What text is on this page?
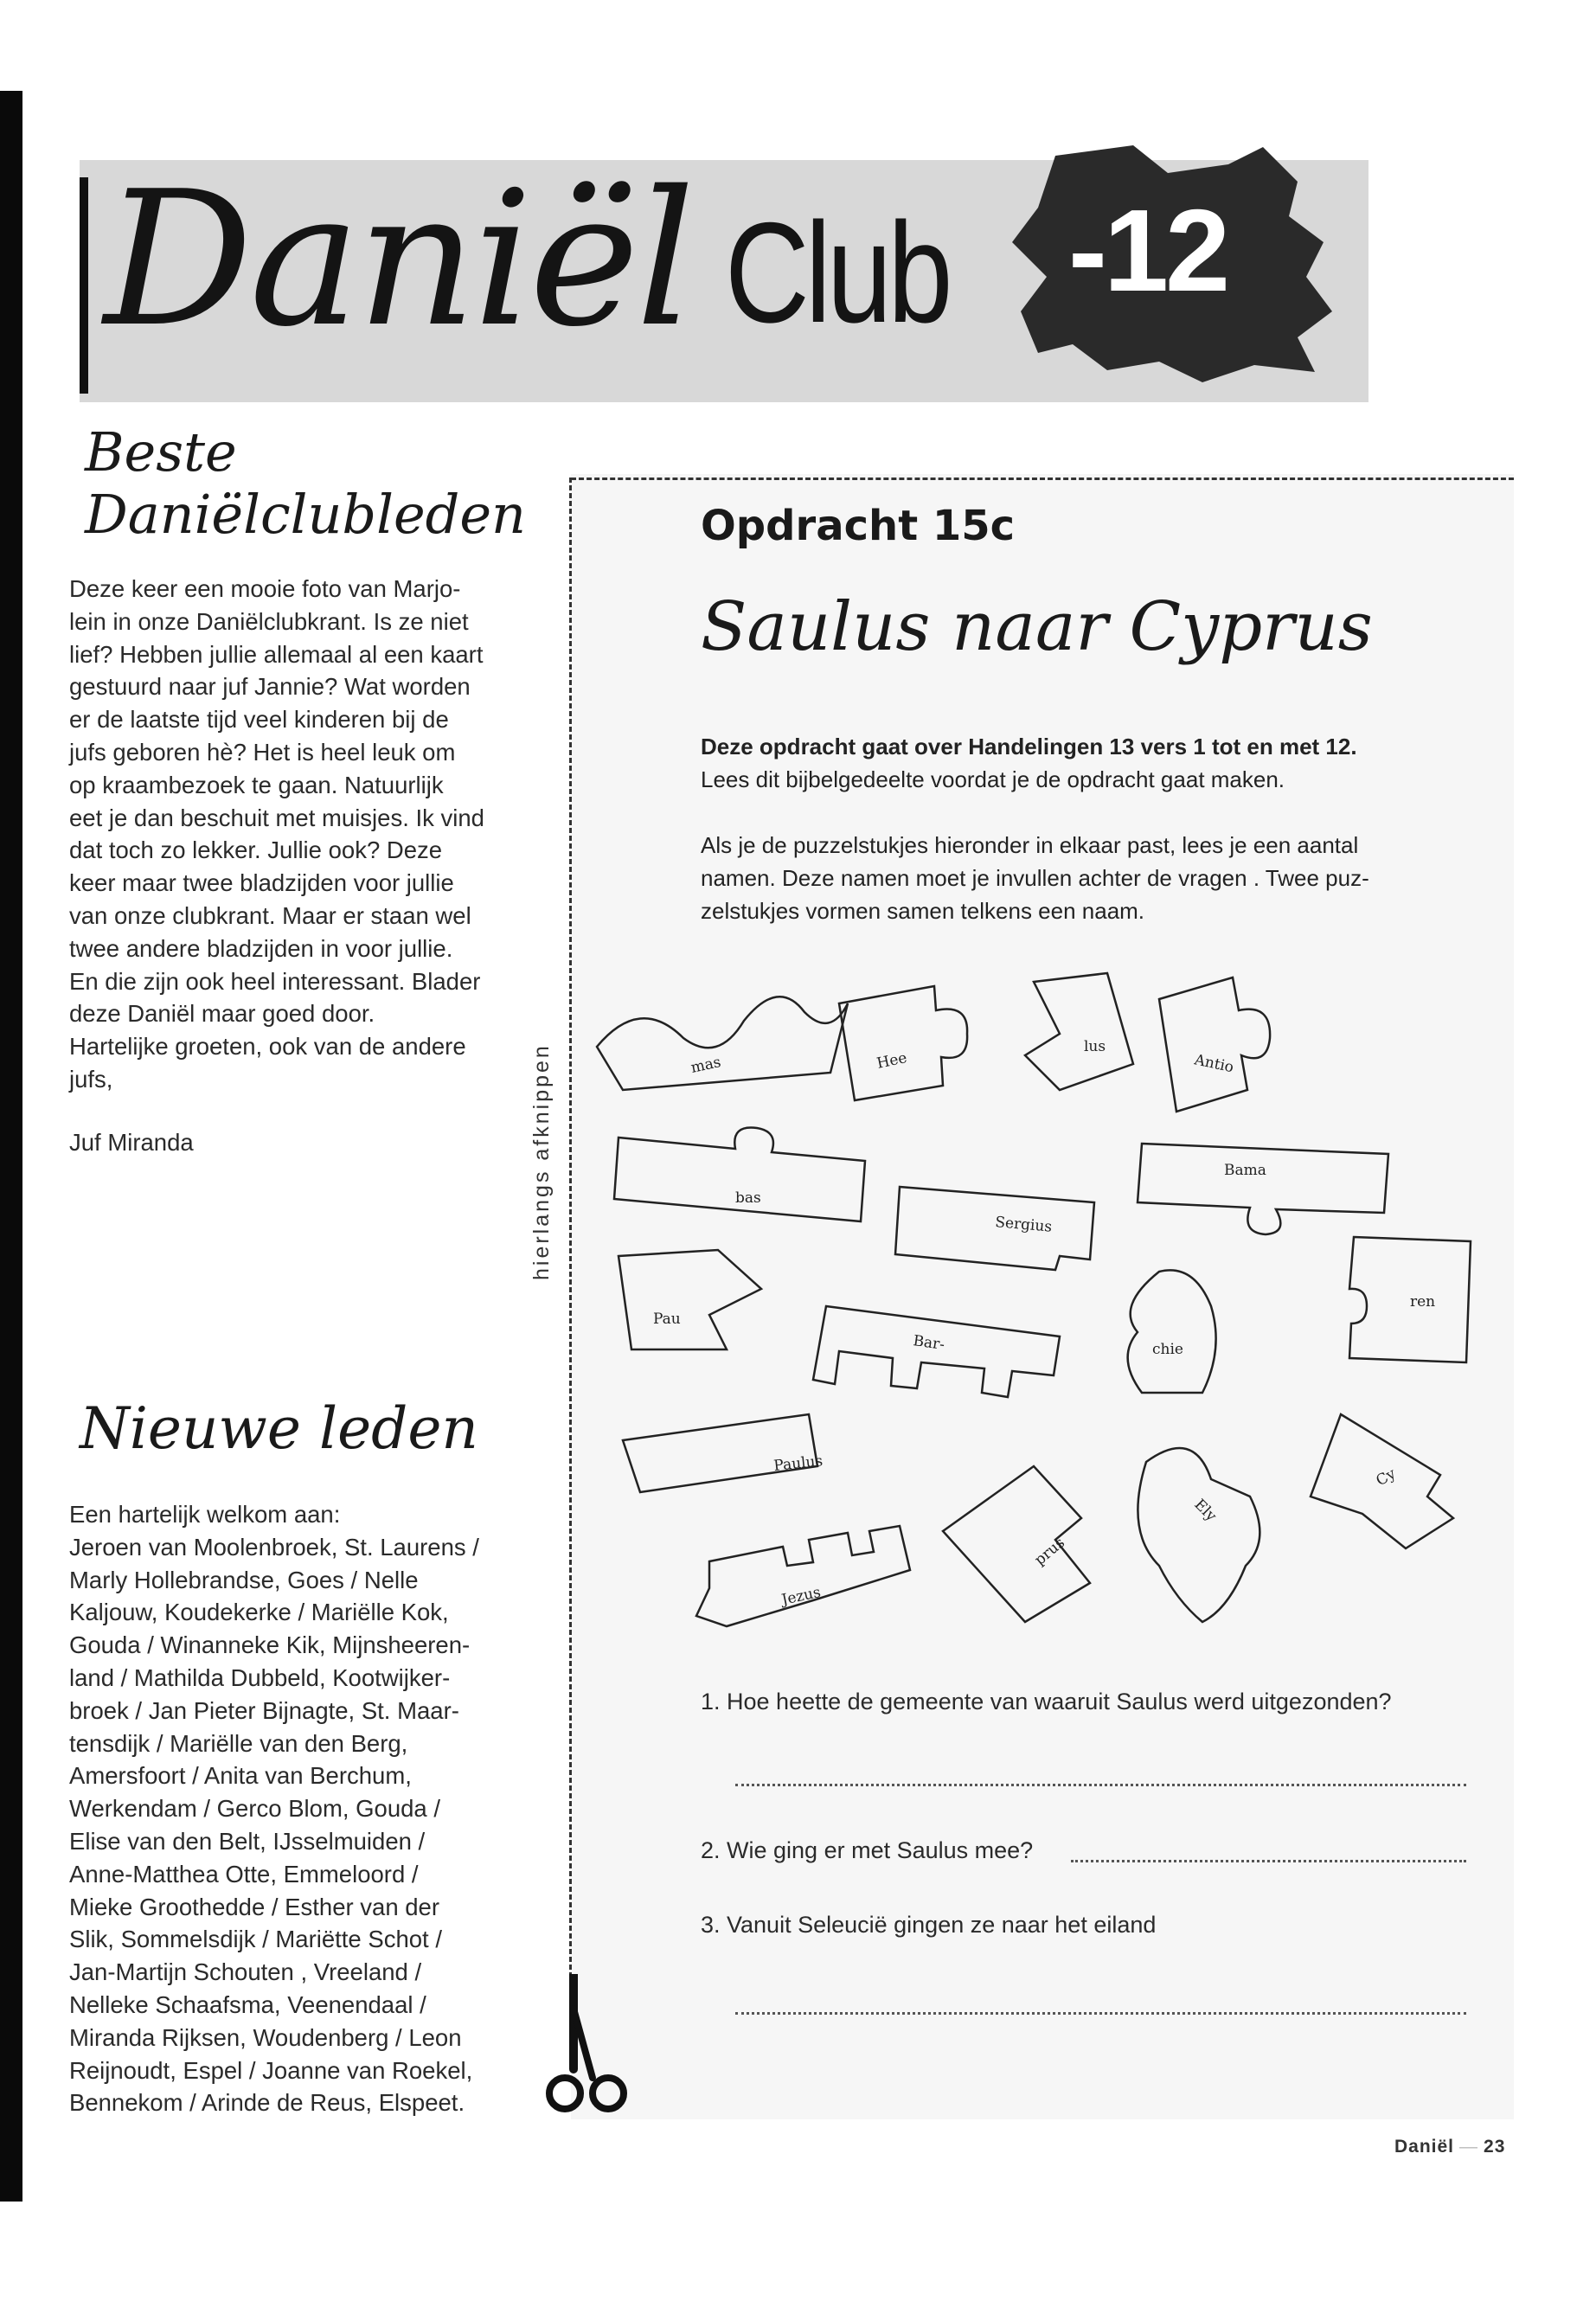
Daniël Club -12
Beste
Daniëlclubleden
Deze keer een mooie foto van Marjo-
lein in onze Daniëlclubkrant. Is ze niet
lief? Hebben jullie allemaal al een kaart
gestuurd naar juf Jannie? Wat worden
er de laatste tijd veel kinderen bij de
jufs geboren hè? Het is heel leuk om
op kraambezoek te gaan. Natuurlijk
eet je dan beschuit met muisjes. Ik vind
dat toch zo lekker. Jullie ook? Deze
keer maar twee bladzijden voor jullie
van onze clubkrant. Maar er staan wel
twee andere bladzijden in voor jullie.
En die zijn ook heel interessant. Blader
deze Daniël maar goed door.
Hartelijke groeten, ook van de andere
jufs,
Juf Miranda
Nieuwe leden
Een hartelijk welkom aan:
Jeroen van Moolenbroek, St. Laurens /
Marly Hollebrandse, Goes / Nelle
Kaljouw, Koudekerke / Mariëlle Kok,
Gouda / Winanneke Kik, Mijnsheeren-
land / Mathilda Dubbeld, Kootwijker-
broek / Jan Pieter Bijnagte, St. Maar-
tensdijk / Mariëlle van den Berg,
Amersfoort / Anita van Berchum,
Werkendam / Gerco Blom, Gouda /
Elise van den Belt, IJsselmuiden /
Anne-Matthea Otte, Emmeloord /
Mieke Groothedde / Esther van der
Slik, Sommelsdijk / Mariëtte Schot /
Jan-Martijn Schouten , Vreeland /
Nelleke Schaafsma, Veenendaal /
Miranda Rijksen, Woudenberg / Leon
Reijnoudt, Espel / Joanne van Roekel,
Bennekom / Arinde de Reus, Elspeet.
hierlangs afknippen
Opdracht 15c
Saulus naar Cyprus
Deze opdracht gaat over Handelingen 13 vers 1 tot en met 12.
Lees dit bijbelgedeelte voordat je de opdracht gaat maken.
Als je de puzzelstukjes hieronder in elkaar past, lees je een aantal
namen. Deze namen moet je invullen achter de vragen . Twee puz-
zelstukjes vormen samen telkens een naam.
mas	Hee
lus
Antio
bas
Bama
Sergius
Pau
Bar-	chie
ren
Paulus
prus
Ely
Cy
Jezus
1. Hoe heette de gemeente van waaruit Saulus werd uitgezonden?
2. Wie ging er met Saulus mee?
3. Vanuit Seleucië gingen ze naar het eiland
Daniël — 23
